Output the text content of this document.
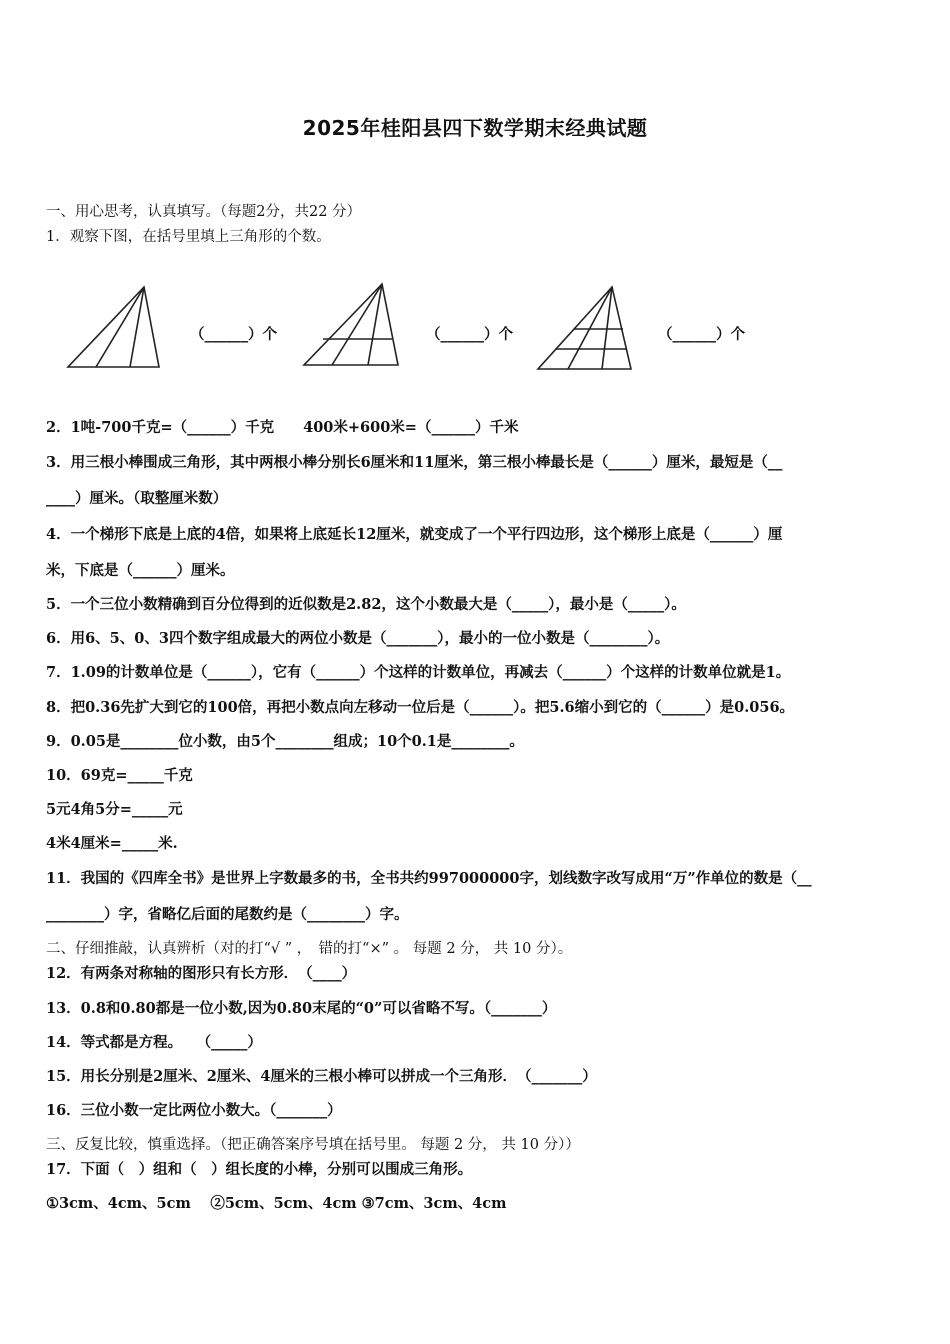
2025年桂阳县四下数学期末经典试题
一、用心思考，认真填写。（每题2分，共22 分）
1．观察下图，在括号里填上三角形的个数。
（______）个	（______）个	（______）个
2．1吨-700千克=（______）千克　　400米+600米=（______）千米
3．用三根小棒围成三角形，其中两根小棒分别长6厘米和11厘米，第三根小棒最长是（______）厘米，最短是（__
____）厘米。（取整厘米数）
4．一个梯形下底是上底的4倍，如果将上底延长12厘米，就变成了一个平行四边形，这个梯形上底是（______）厘
米，下底是（______）厘米。
5．一个三位小数精确到百分位得到的近似数是2.82，这个小数最大是（_____），最小是（_____）。
6．用6、5、0、3四个数字组成最大的两位小数是（_______），最小的一位小数是（________）。
7．1.09的计数单位是（______），它有（______）个这样的计数单位，再减去（______）个这样的计数单位就是1。
8．把0.36先扩大到它的100倍，再把小数点向左移动一位后是（______）。把5.6缩小到它的（______）是0.056。
9．0.05是________位小数，由5个________组成；10个0.1是________。
10．69克=_____千克
5元4角5分=_____元
4米4厘米=_____米.
11．我国的《四库全书》是世界上字数最多的书，全书共约997000000字，划线数字改写成用“万”作单位的数是（__
________）字，省略亿后面的尾数约是（________）字。
二、仔细推敲，认真辨析（对的打“√ ” ，　错的打“×” 。 每题 2 分， 共 10 分）。
12．有两条对称轴的图形只有长方形．　（____）
13．0.8和0.80都是一位小数,因为0.80末尾的“0”可以省略不写。（_______）
14．等式都是方程。　　（_____）
15．用长分别是2厘米、2厘米、4厘米的三根小棒可以拼成一个三角形．　（_______）
16．三位小数一定比两位小数大。（_______）
三、反复比较，慎重选择。（把正确答案序号填在括号里。 每题 2 分， 共 10 分））
17．下面（　）组和（　）组长度的小棒，分别可以围成三角形。
①3cm、4cm、5cm　 ②5cm、5cm、4cm ③7cm、3cm、4cm
